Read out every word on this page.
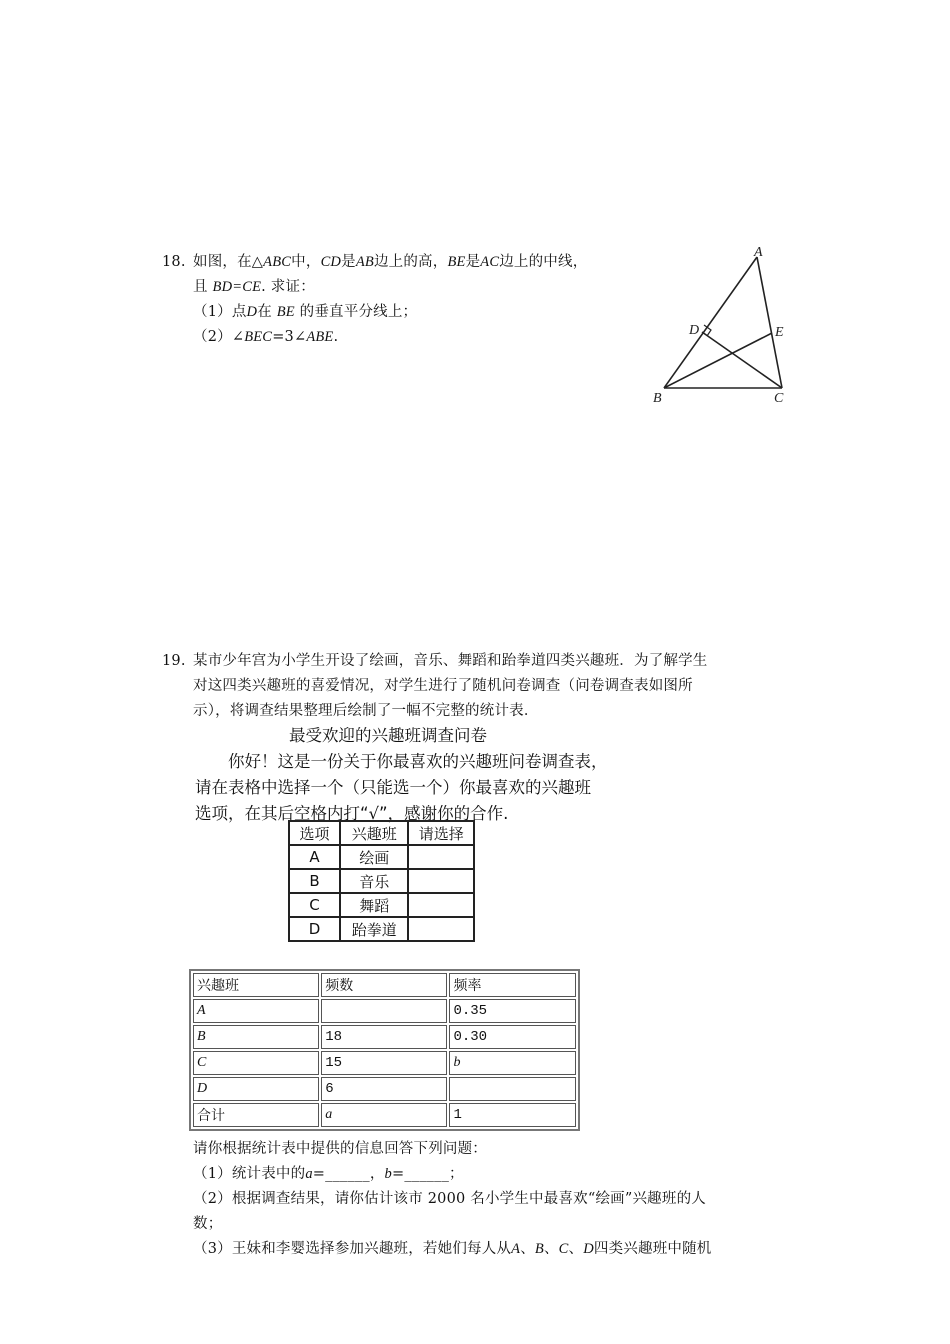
18. 如图，在△ABC中，CD是AB边上的高，BE是AC边上的中线，
且 BD=CE. 求证：
（1）点D在 BE 的垂直平分线上；
（2）∠BEC=3∠ABE.
A
B	C
D	E
19. 某市少年宫为小学生开设了绘画，音乐、舞蹈和跆拳道四类兴趣班．为了解学生
对这四类兴趣班的喜爱情况，对学生进行了随机问卷调查（问卷调查表如图所
示），将调查结果整理后绘制了一幅不完整的统计表．
最受欢迎的兴趣班调查问卷
你好！这是一份关于你最喜欢的兴趣班问卷调查表，
请在表格中选择一个（只能选一个）你最喜欢的兴趣班
选项，在其后空格内打“√”，感谢你的合作.
选项	兴趣班	请选择
A	绘画	
B	音乐	
C	舞蹈	
D	跆拳道	
兴趣班	频数	频率
A		0.35
B	18	0.30
C	15	b
D	6	
合计	a	1
请你根据统计表中提供的信息回答下列问题：
（1）统计表中的a=______，b=______；
（2）根据调查结果，请你估计该市 2000 名小学生中最喜欢“绘画”兴趣班的人
数；
（3）王妹和李婴选择参加兴趣班，若她们每人从A、B、C、D四类兴趣班中随机
